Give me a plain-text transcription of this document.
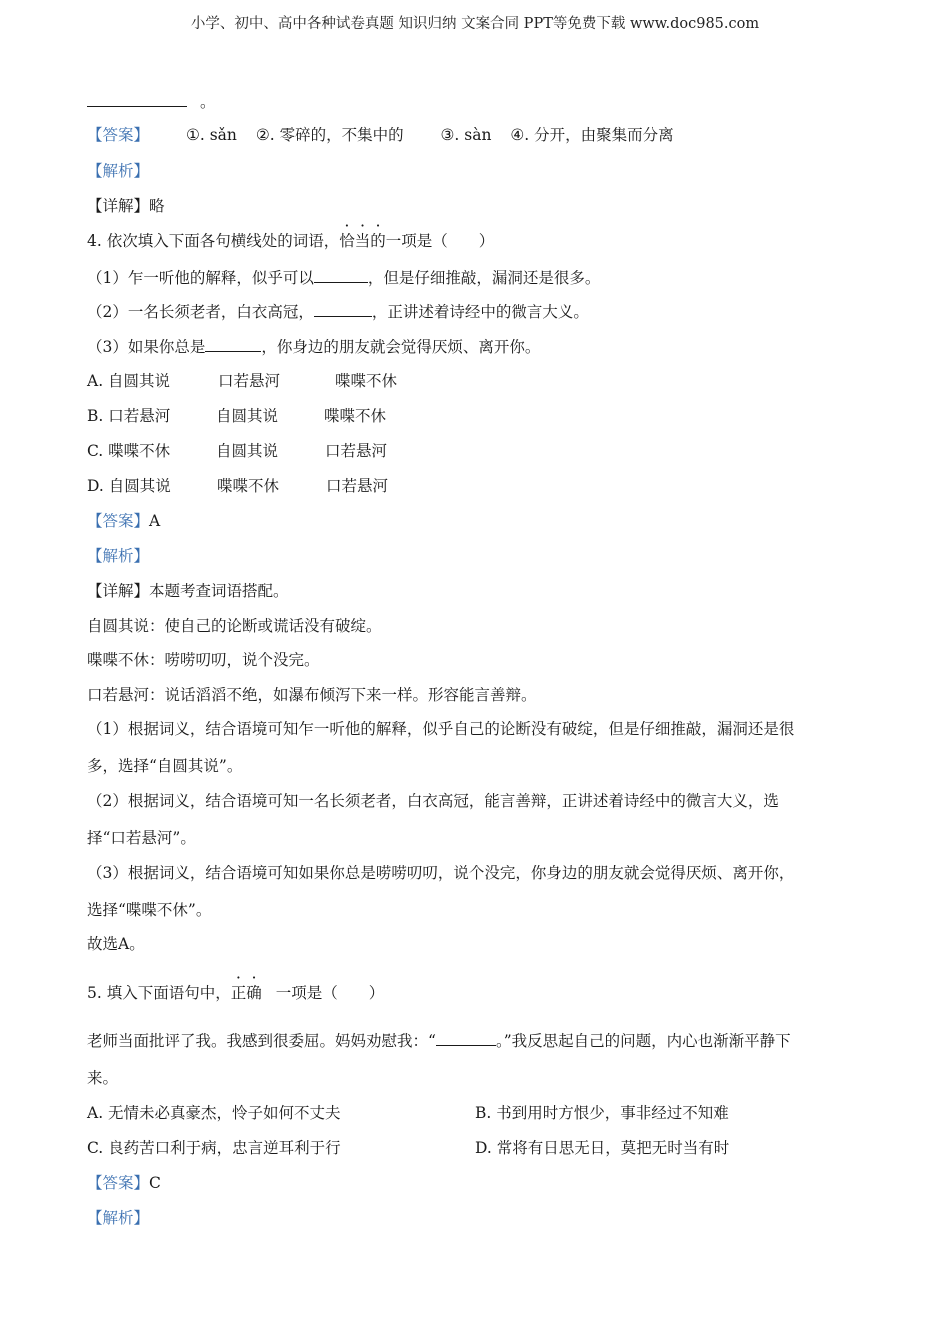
小学、初中、高中各种试卷真题 知识归纳 文案合同 PPT等免费下载 www.doc985.com
。
【答案】 ①. sǎn ②. 零碎的，不集中的 ③. sàn ④. 分开，由聚集而分离
【解析】
【详解】略
4. 依次填入下面各句横线处的词语，恰当的一项是（　　）
（1）乍一听他的解释，似乎可以	，但是仔细推敲，漏洞还是很多。
（2）一名长须老者，白衣高冠，	，正讲述着诗经中的微言大义。
（3）如果你总是	，你身边的朋友就会觉得厌烦、离开你。
A. 自圆其说	口若悬河	喋喋不休
B. 口若悬河	自圆其说	喋喋不休
C. 喋喋不休	自圆其说	口若悬河
D. 自圆其说	喋喋不休	口若悬河
【答案】A
【解析】
【详解】本题考查词语搭配。
自圆其说：使自己的论断或谎话没有破绽。
喋喋不休：唠唠叨叨，说个没完。
口若悬河：说话滔滔不绝，如瀑布倾泻下来一样。形容能言善辩。
（1）根据词义，结合语境可知乍一听他的解释，似乎自己的论断没有破绽，但是仔细推敲，漏洞还是很
多，选择“自圆其说”。
（2）根据词义，结合语境可知一名长须老者，白衣高冠，能言善辩，正讲述着诗经中的微言大义，选
择“口若悬河”。
（3）根据词义，结合语境可知如果你总是唠唠叨叨，说个没完，你身边的朋友就会觉得厌烦、离开你，
选择“喋喋不休”。
故选A。
5. 填入下面语句中，正确 一项是（　　）
老师当面批评了我。我感到很委屈。妈妈劝慰我：“	。”我反思起自己的问题，内心也渐渐平静下
来。
A. 无情未必真豪杰，怜子如何不丈夫	B. 书到用时方恨少，事非经过不知难
C. 良药苦口利于病，忠言逆耳利于行	D. 常将有日思无日，莫把无时当有时
【答案】C
【解析】
